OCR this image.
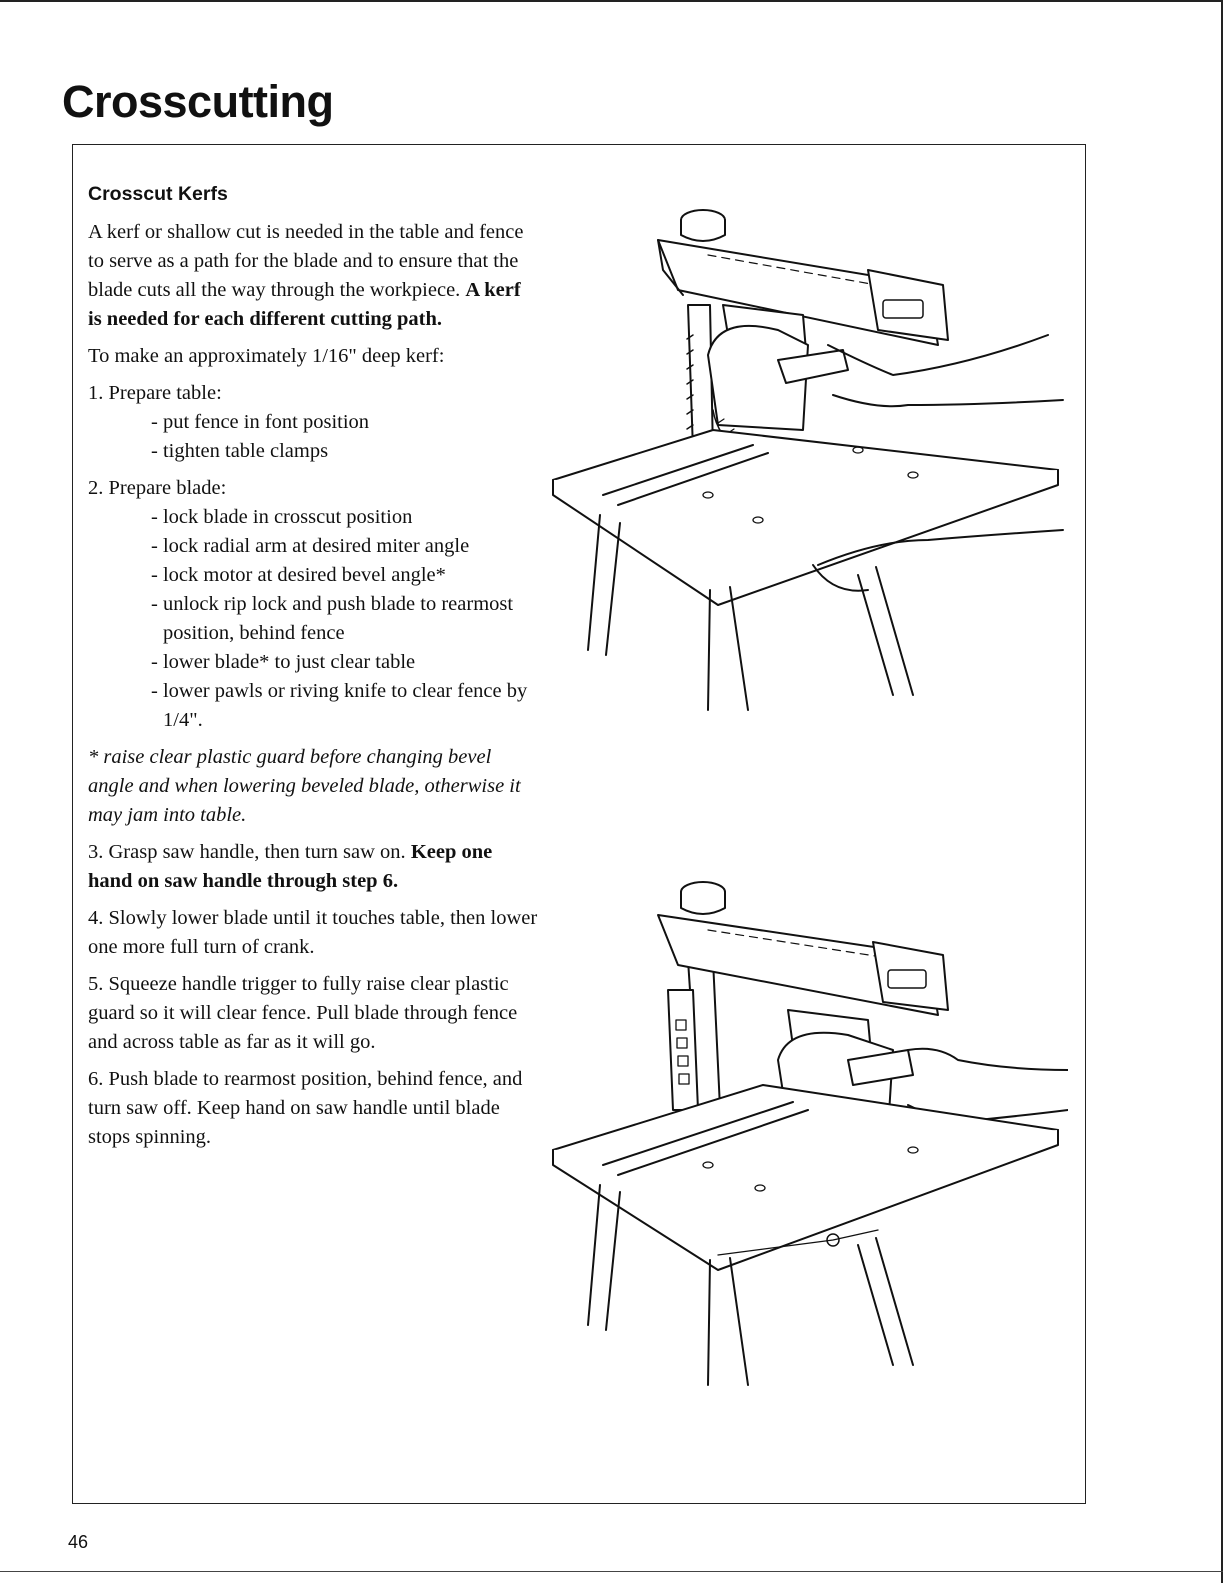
Crosscutting
Crosscut Kerfs

A kerf or shallow cut is needed in the table and fence to serve as a path for the blade and to ensure that the blade cuts all the way through the workpiece. A kerf is needed for each different cutting path.

To make an approximately 1/16" deep kerf:

1. Prepare table:

- put fence in font position
- tighten table clamps

2. Prepare blade:

- lock blade in crosscut position
- lock radial arm at desired miter angle
- lock motor at desired bevel angle*
- unlock rip lock and push blade to rearmost position, behind fence
- lower blade* to just clear table
- lower pawls or riving knife to clear fence by 1/4".

* raise clear plastic guard before changing bevel angle and when lowering beveled blade, otherwise it may jam into table.

3. Grasp saw handle, then turn saw on. Keep one hand on saw handle through step 6.

4. Slowly lower blade until it touches table, then lower one more full turn of crank.

5. Squeeze handle trigger to fully raise clear plastic guard so it will clear fence. Pull blade through fence and across table as far as it will go.

6. Push blade to rearmost position, behind fence, and turn saw off. Keep hand on saw handle until blade stops spinning.

46
